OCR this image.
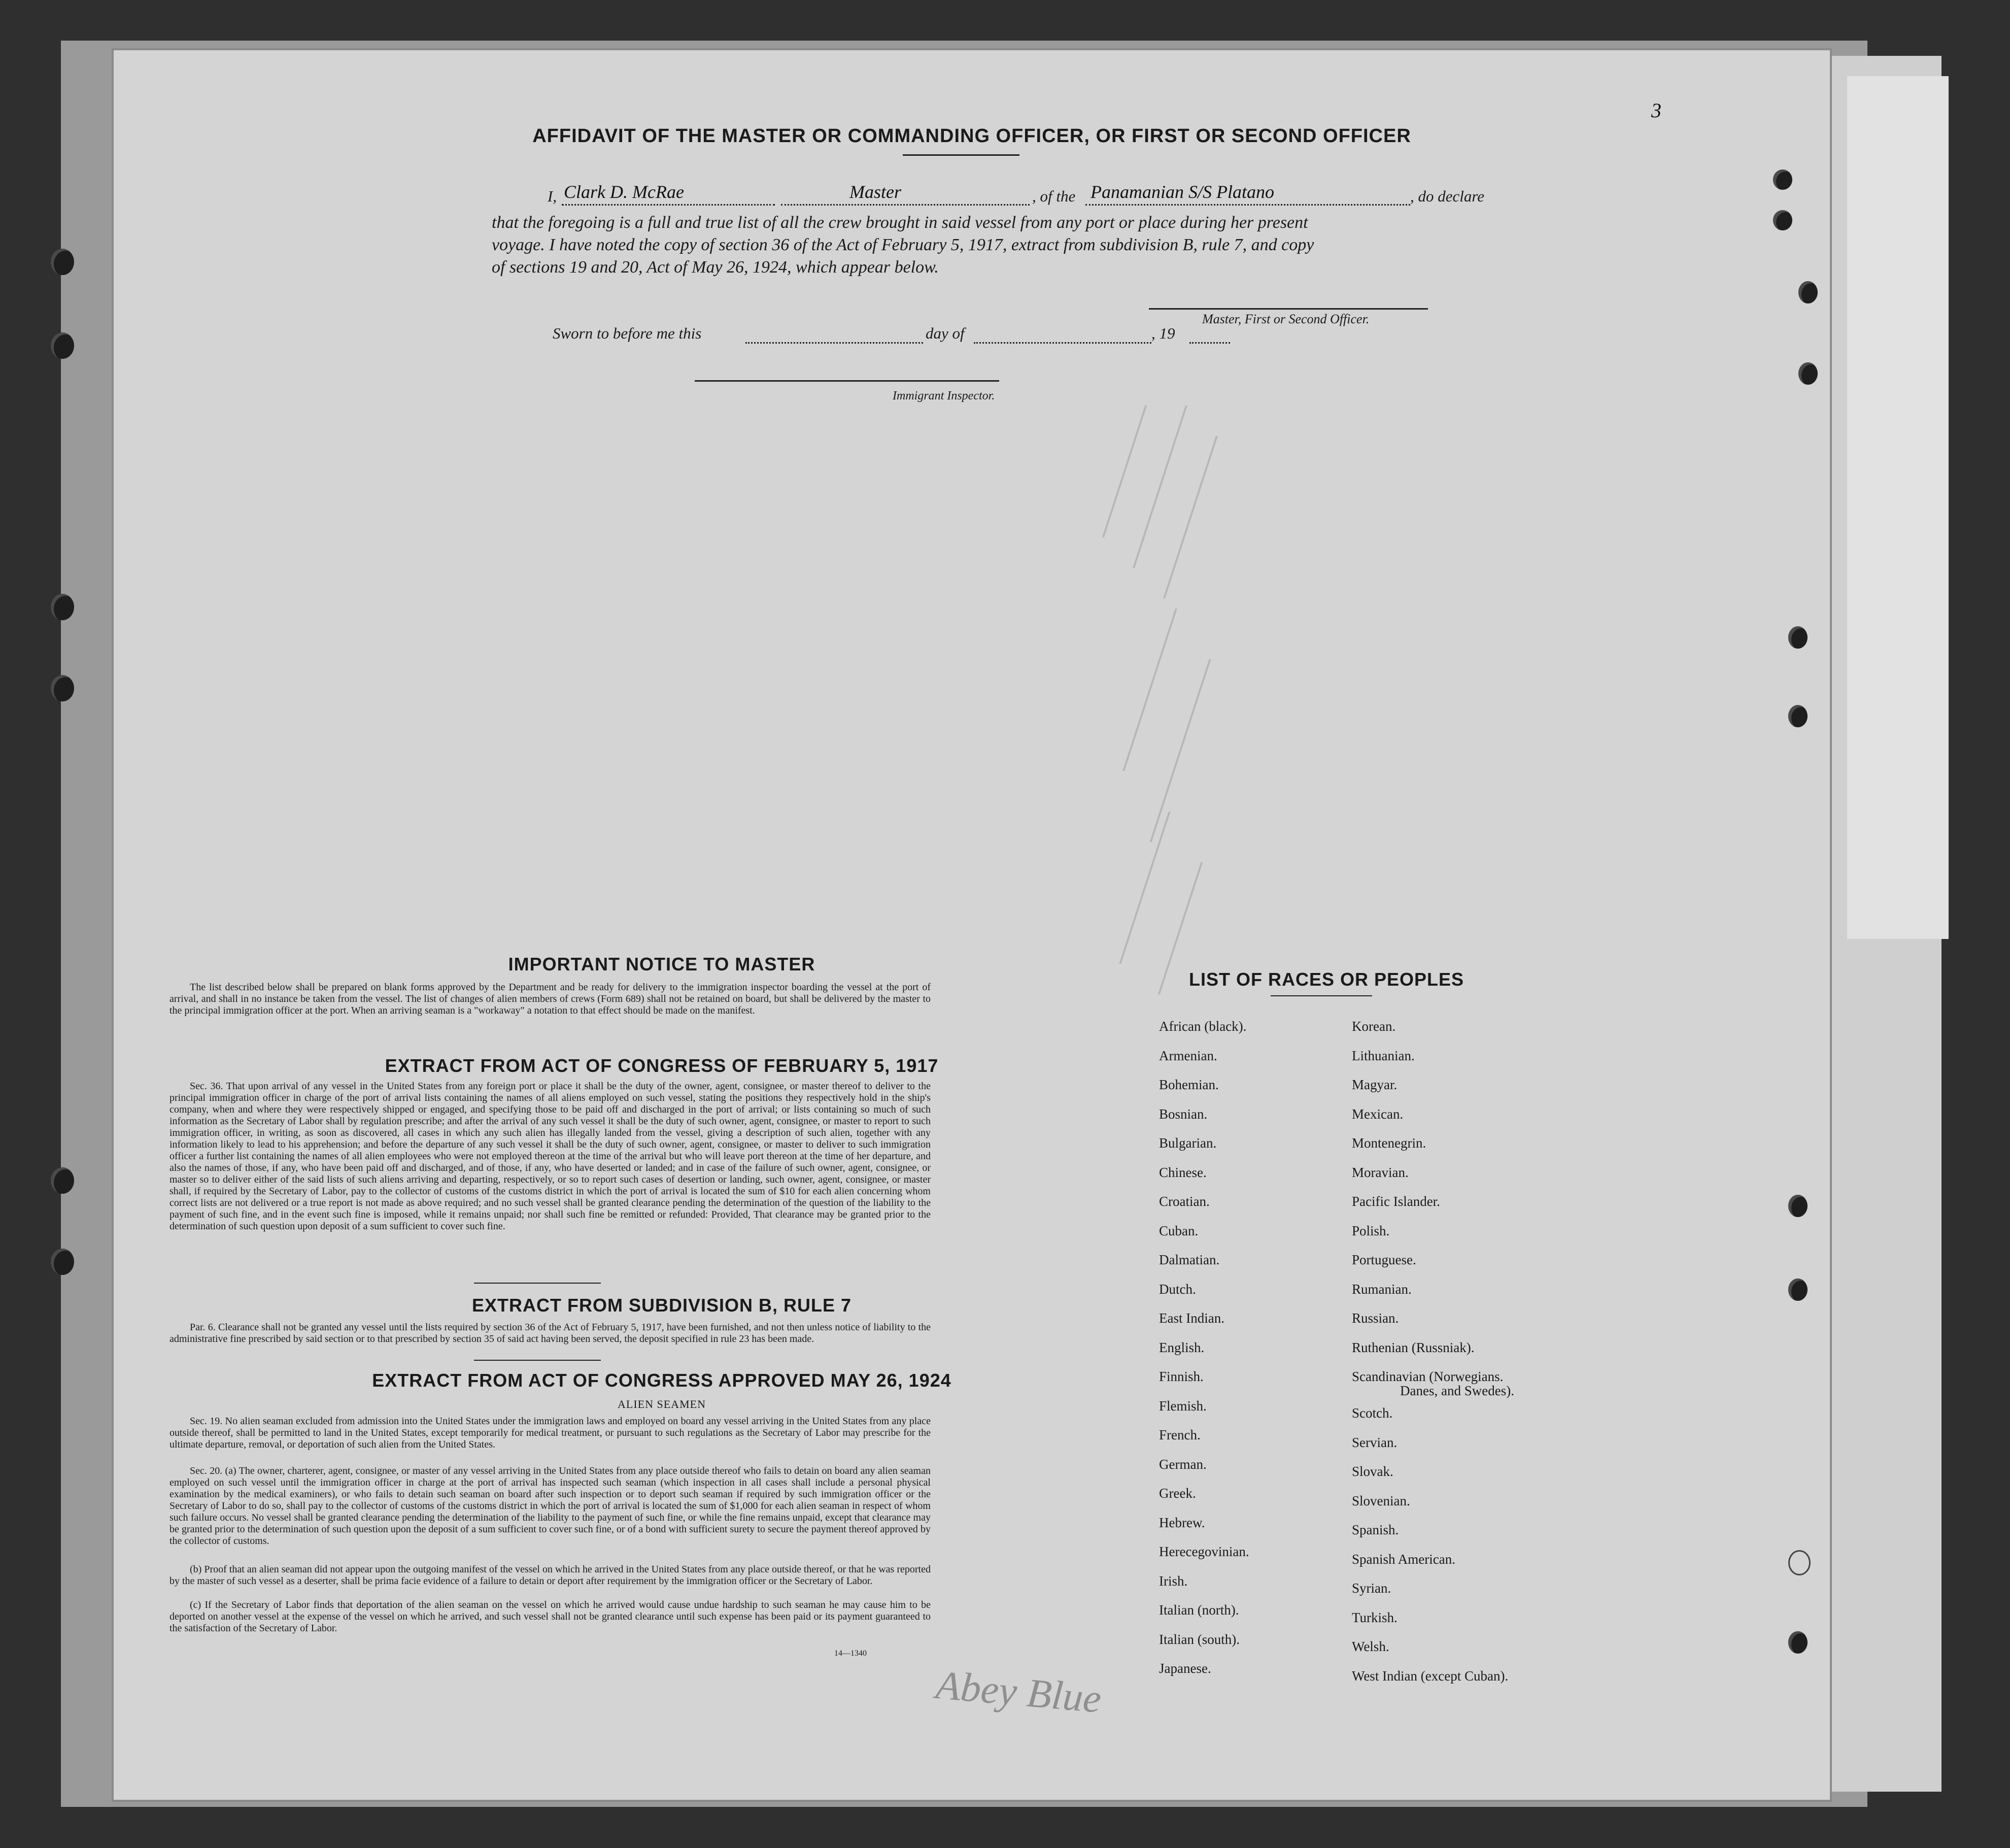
3
AFFIDAVIT OF THE MASTER OR COMMANDING OFFICER, OR FIRST OR SECOND OFFICER
I, Clark D. McRae	Master	, of the Panamanian S/S Platano	, do declare
that the foregoing is a full and true list of all the crew brought in said vessel from any port or place during her present
voyage. I have noted the copy of section 36 of the Act of February 5, 1917, extract from subdivision B, rule 7, and copy
of sections 19 and 20, Act of May 26, 1924, which appear below.
Master, First or Second Officer.
Sworn to before me this	day of	, 19
Immigrant Inspector.
IMPORTANT NOTICE TO MASTER
The list described below shall be prepared on blank forms approved by the Department and be ready for delivery to the immigration inspector boarding the vessel at the port of arrival, and shall in no instance be taken from the vessel. The list of changes of alien members of crews (Form 689) shall not be retained on board, but shall be delivered by the master to the principal immigration officer at the port. When an arriving seaman is a "workaway" a notation to that effect should be made on the manifest.
EXTRACT FROM ACT OF CONGRESS OF FEBRUARY 5, 1917
Sec. 36. That upon arrival of any vessel in the United States from any foreign port or place it shall be the duty of the owner, agent, consignee, or master thereof to deliver to the principal immigration officer in charge of the port of arrival lists containing the names of all aliens employed on such vessel, stating the positions they respectively hold in the ship's company, when and where they were respectively shipped or engaged, and specifying those to be paid off and discharged in the port of arrival; or lists containing so much of such information as the Secretary of Labor shall by regulation prescribe; and after the arrival of any such vessel it shall be the duty of such owner, agent, consignee, or master to report to such immigration officer, in writing, as soon as discovered, all cases in which any such alien has illegally landed from the vessel, giving a description of such alien, together with any information likely to lead to his apprehension; and before the departure of any such vessel it shall be the duty of such owner, agent, consignee, or master to deliver to such immigration officer a further list containing the names of all alien employees who were not employed thereon at the time of the arrival but who will leave port thereon at the time of her departure, and also the names of those, if any, who have been paid off and discharged, and of those, if any, who have deserted or landed; and in case of the failure of such owner, agent, consignee, or master so to deliver either of the said lists of such aliens arriving and departing, respectively, or so to report such cases of desertion or landing, such owner, agent, consignee, or master shall, if required by the Secretary of Labor, pay to the collector of customs of the customs district in which the port of arrival is located the sum of $10 for each alien concerning whom correct lists are not delivered or a true report is not made as above required; and no such vessel shall be granted clearance pending the determination of the question of the liability to the payment of such fine, and in the event such fine is imposed, while it remains unpaid; nor shall such fine be remitted or refunded: Provided, That clearance may be granted prior to the determination of such question upon deposit of a sum sufficient to cover such fine.
EXTRACT FROM SUBDIVISION B, RULE 7
Par. 6. Clearance shall not be granted any vessel until the lists required by section 36 of the Act of February 5, 1917, have been furnished, and not then unless notice of liability to the administrative fine prescribed by said section or to that prescribed by section 35 of said act having been served, the deposit specified in rule 23 has been made.
EXTRACT FROM ACT OF CONGRESS APPROVED MAY 26, 1924
ALIEN SEAMEN
Sec. 19. No alien seaman excluded from admission into the United States under the immigration laws and employed on board any vessel arriving in the United States from any place outside thereof, shall be permitted to land in the United States, except temporarily for medical treatment, or pursuant to such regulations as the Secretary of Labor may prescribe for the ultimate departure, removal, or deportation of such alien from the United States.
Sec. 20. (a) The owner, charterer, agent, consignee, or master of any vessel arriving in the United States from any place outside thereof who fails to detain on board any alien seaman employed on such vessel until the immigration officer in charge at the port of arrival has inspected such seaman (which inspection in all cases shall include a personal physical examination by the medical examiners), or who fails to detain such seaman on board after such inspection or to deport such seaman if required by such immigration officer or the Secretary of Labor to do so, shall pay to the collector of customs of the customs district in which the port of arrival is located the sum of $1,000 for each alien seaman in respect of whom such failure occurs. No vessel shall be granted clearance pending the determination of the liability to the payment of such fine, or while the fine remains unpaid, except that clearance may be granted prior to the determination of such question upon the deposit of a sum sufficient to cover such fine, or of a bond with sufficient surety to secure the payment thereof approved by the collector of customs.
(b) Proof that an alien seaman did not appear upon the outgoing manifest of the vessel on which he arrived in the United States from any place outside thereof, or that he was reported by the master of such vessel as a deserter, shall be prima facie evidence of a failure to detain or deport after requirement by the immigration officer or the Secretary of Labor.
(c) If the Secretary of Labor finds that deportation of the alien seaman on the vessel on which he arrived would cause undue hardship to such seaman he may cause him to be deported on another vessel at the expense of the vessel on which he arrived, and such vessel shall not be granted clearance until such expense has been paid or its payment guaranteed to the satisfaction of the Secretary of Labor.
14—1340
LIST OF RACES OR PEOPLES
African (black).
Armenian.
Bohemian.
Bosnian.
Bulgarian.
Chinese.
Croatian.
Cuban.
Dalmatian.
Dutch.
East Indian.
English.
Finnish.
Flemish.
French.
German.
Greek.
Hebrew.
Herecegovinian.
Irish.
Italian (north).
Italian (south).
Japanese.
Korean.
Lithuanian.
Magyar.
Mexican.
Montenegrin.
Moravian.
Pacific Islander.
Polish.
Portuguese.
Rumanian.
Russian.
Ruthenian (Russniak).
Scandinavian (Norwegians.
Danes, and Swedes).
Scotch.
Servian.
Slovak.
Slovenian.
Spanish.
Spanish American.
Syrian.
Turkish.
Welsh.
West Indian (except Cuban).
Abey Blue
